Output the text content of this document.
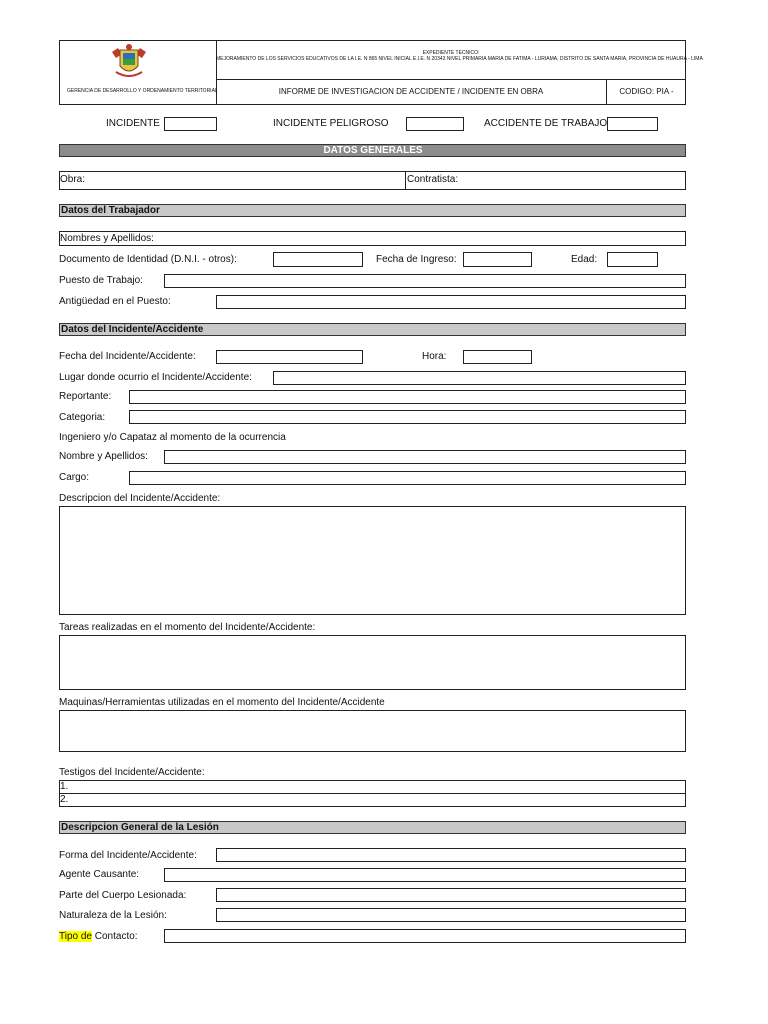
GERENCIA DE DESARROLLO Y ORDENAMIENTO TERRITORIAL
EXPEDIENTE TECNICO:
MEJORAMIENTO DE LOS SERVICIOS EDUCATIVOS DE LA I.E. N 865 NIVEL INICIAL E.I.E. N 20343 NIVEL PRIMARIA MARIA DE FATIMA - LURIAMA, DISTRITO DE SANTA MARIA, PROVINCIA DE HUAURA - LIMA
INFORME DE INVESTIGACION DE ACCIDENTE / INCIDENTE EN OBRA	CODIGO: PIA -
INCIDENTE	INCIDENTE PELIGROSO	ACCIDENTE DE TRABAJO
DATOS GENERALES
Obra:	Contratista:
Datos del Trabajador
Nombres y Apellidos:
Documento de Identidad (D.N.I. - otros):	Fecha de Ingreso:	Edad:
Puesto de Trabajo:
Antigüedad en el Puesto:
Datos del Incidente/Accidente
Fecha del Incidente/Accidente:	Hora:
Lugar donde ocurrio el Incidente/Accidente:
Reportante:
Categoria:
Ingeniero y/o Capataz al momento de la ocurrencia
Nombre y Apellidos:
Cargo:
Descripcion del Incidente/Accidente:
Tareas realizadas en el momento del Incidente/Accidente:
Maquinas/Herramientas utilizadas en el momento del Incidente/Accidente
Testigos del Incidente/Accidente:
1.
2.
Descripcion General de la Lesión
Forma del Incidente/Accidente:
Agente Causante:
Parte del Cuerpo Lesionada:
Naturaleza de la Lesión:
Tipo de Contacto:
